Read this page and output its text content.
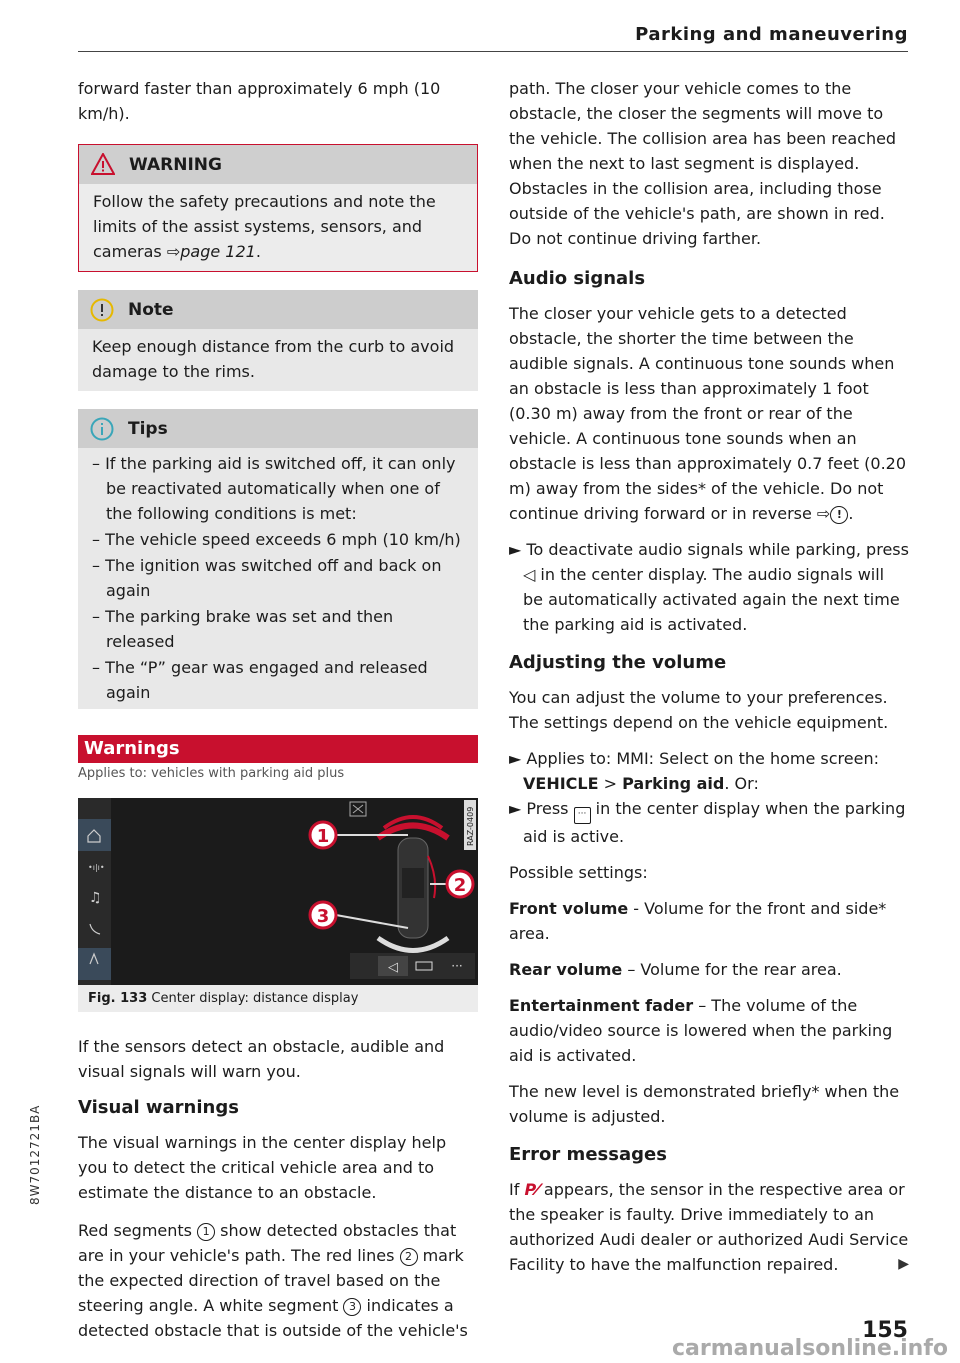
Parking and maneuvering

forward faster than approximately 6 mph (10 km/h).

WARNING
Follow the safety precautions and note the limits of the assist systems, sensors, and cameras ⇨page 121.
Note
Keep enough distance from the curb to avoid damage to the rims.
Tips
– If the parking aid is switched off, it can only be reactivated automatically when one of the following conditions is met:
– The vehicle speed exceeds 6 mph (10 km/h)
– The ignition was switched off and back on again
– The parking brake was set and then released
– The “P” gear was engaged and released again
Warnings
Applies to: vehicles with parking aid plus
•ı|ı•
♫
RAZ-0409
1
2
3
◁	···
Fig. 133 Center display: distance display

If the sensors detect an obstacle, audible and visual signals will warn you.

Visual warnings

The visual warnings in the center display help you to detect the critical vehicle area and to estimate the distance to an obstacle.

Red segments 1 show detected obstacles that are in your vehicle's path. The red lines 2 mark the expected direction of travel based on the steering angle. A white segment 3 indicates a detected obstacle that is outside of the vehicle's

path. The closer your vehicle comes to the obstacle, the closer the segments will move to the vehicle. The collision area has been reached when the next to last segment is displayed. Obstacles in the collision area, including those outside of the vehicle's path, are shown in red. Do not continue driving farther.

Audio signals

The closer your vehicle gets to a detected obstacle, the shorter the time between the audible signals. A continuous tone sounds when an obstacle is less than approximately 1 foot (0.30 m) away from the front or rear of the vehicle. A continuous tone sounds when an obstacle is less than approximately 0.7 feet (0.20 m) away from the sides* of the vehicle. Do not continue driving forward or in reverse ⇨ ! .

► To deactivate audio signals while parking, press ◁ in the center display. The audio signals will be automatically activated again the next time the parking aid is activated.

Adjusting the volume

You can adjust the volume to your preferences. The settings depend on the vehicle equipment.

► Applies to: MMI: Select on the home screen: VEHICLE > Parking aid. Or:

► Press ··· in the center display when the parking aid is active.

Possible settings:

Front volume - Volume for the front and side* area.

Rear volume – Volume for the rear area.

Entertainment fader – The volume of the audio/video source is lowered when the parking aid is activated.

The new level is demonstrated briefly* when the volume is adjusted.

Error messages

If P⁄ appears, the sensor in the respective area or the speaker is faulty. Drive immediately to an authorized Audi dealer or authorized Audi Service Facility to have the malfunction repaired.	▶

8W7012721BA
155
carmanualsonline.info
